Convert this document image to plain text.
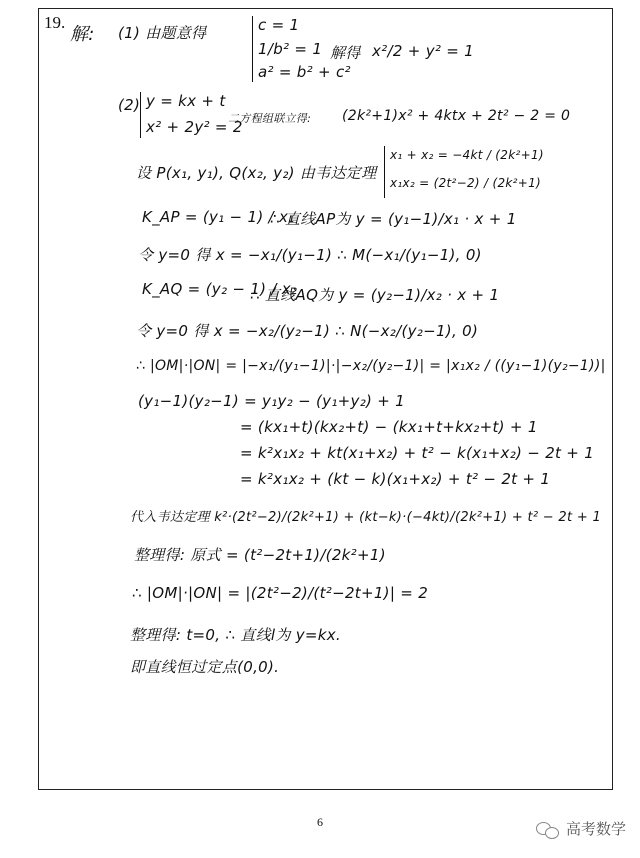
19.
解: (1) 由题意得	c = 1
1/b² = 1
a² = b² + c²
解得 x²/2 + y² = 1
(2) y = kx + t
x² + 2y² = 2
二方程组联立得: (2k²+1)x² + 4ktx + 2t² − 2 = 0
设 P(x₁, y₁), Q(x₂, y₂) 由韦达定理
x₁ + x₂ = −4kt / (2k²+1)
x₁x₂ = (2t²−2) / (2k²+1)
K_AP = (y₁ − 1) / x₁
∴ 直线AP为 y = (y₁−1)/x₁ · x + 1
令 y=0 得 x = −x₁/(y₁−1) ∴ M(−x₁/(y₁−1), 0)
K_AQ = (y₂ − 1) / x₂
∴ 直线AQ为 y = (y₂−1)/x₂ · x + 1
令 y=0 得 x = −x₂/(y₂−1) ∴ N(−x₂/(y₂−1), 0)
∴ |OM|·|ON| = |−x₁/(y₁−1)|·|−x₂/(y₂−1)| = |x₁x₂ / ((y₁−1)(y₂−1))|
(y₁−1)(y₂−1) = y₁y₂ − (y₁+y₂) + 1
= (kx₁+t)(kx₂+t) − (kx₁+t+kx₂+t) + 1
= k²x₁x₂ + kt(x₁+x₂) + t² − k(x₁+x₂) − 2t + 1
= k²x₁x₂ + (kt − k)(x₁+x₂) + t² − 2t + 1
代入韦达定理 k²·(2t²−2)/(2k²+1) + (kt−k)·(−4kt)/(2k²+1) + t² − 2t + 1
整理得: 原式 = (t²−2t+1)/(2k²+1)
∴ |OM|·|ON| = |(2t²−2)/(t²−2t+1)| = 2
整理得: t=0, ∴ 直线l为 y=kx.
即直线恒过定点(0,0).
6	高考数学
